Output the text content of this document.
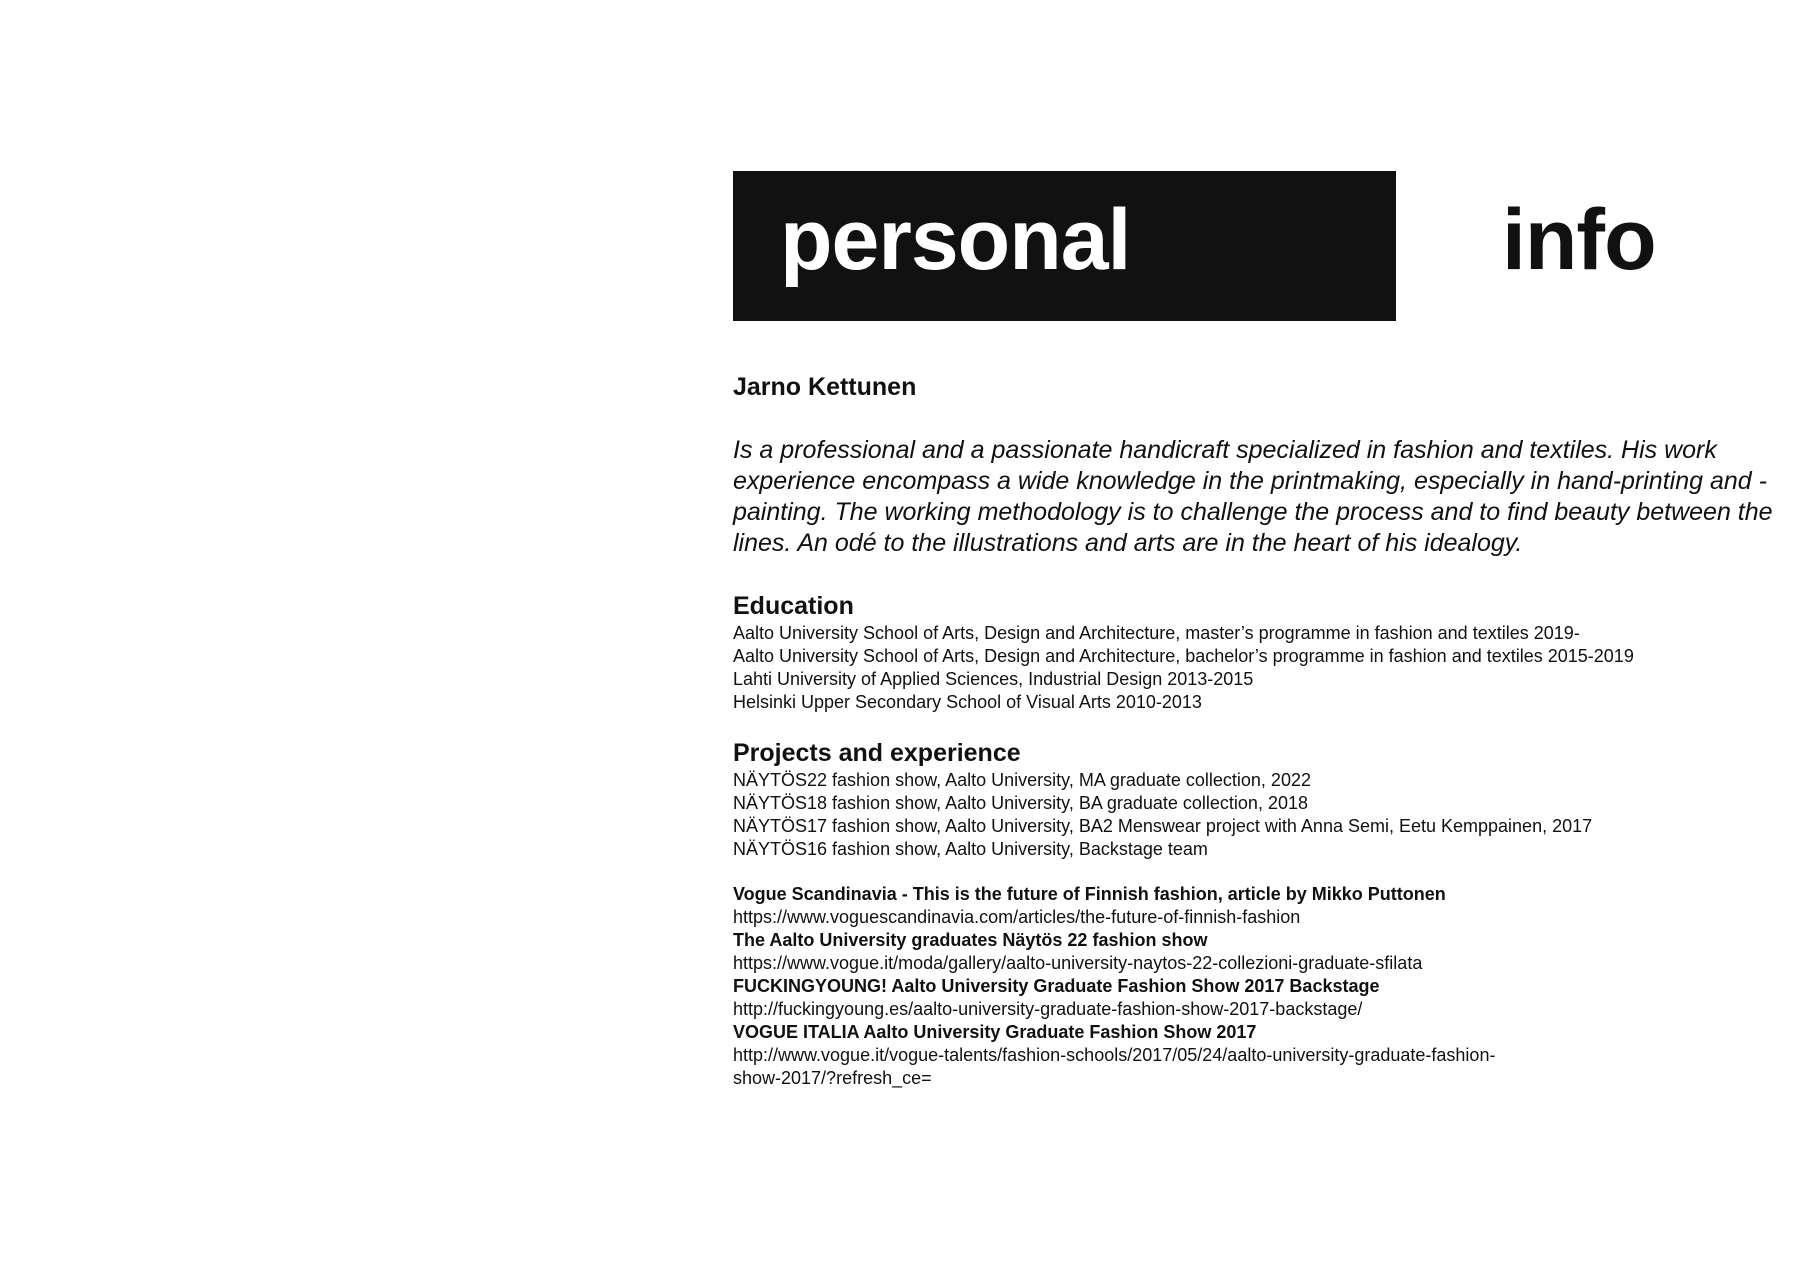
personal	info
Jarno Kettunen

Is a professional and a passionate handicraft specialized in fashion and textiles. His work experience encompass a wide knowledge in the printmaking, especially in hand-printing and -painting. The working methodology is to challenge the process and to find beauty between the lines. An odé to the illustrations and arts are in the heart of his idealogy.

Education
Aalto University School of Arts, Design and Architecture, master’s programme in fashion and textiles 2019-
Aalto University School of Arts, Design and Architecture, bachelor’s programme in fashion and textiles 2015-2019
Lahti University of Applied Sciences, Industrial Design 2013-2015
Helsinki Upper Secondary School of Visual Arts 2010-2013
Projects and experience
NÄYTÖS22 fashion show, Aalto University, MA graduate collection, 2022
NÄYTÖS18 fashion show, Aalto University, BA graduate collection, 2018
NÄYTÖS17 fashion show, Aalto University, BA2 Menswear project with Anna Semi, Eetu Kemppainen, 2017
NÄYTÖS16 fashion show, Aalto University, Backstage team
Vogue Scandinavia - This is the future of Finnish fashion, article by Mikko Puttonen
https://www.voguescandinavia.com/articles/the-future-of-finnish-fashion
The Aalto University graduates Näytös 22 fashion show
https://www.vogue.it/moda/gallery/aalto-university-naytos-22-collezioni-graduate-sfilata
FUCKINGYOUNG! Aalto University Graduate Fashion Show 2017 Backstage
http://fuckingyoung.es/aalto-university-graduate-fashion-show-2017-backstage/
VOGUE ITALIA Aalto University Graduate Fashion Show 2017
http://www.vogue.it/vogue-talents/fashion-schools/2017/05/24/aalto-university-graduate-fashion-
show-2017/?refresh_ce=
